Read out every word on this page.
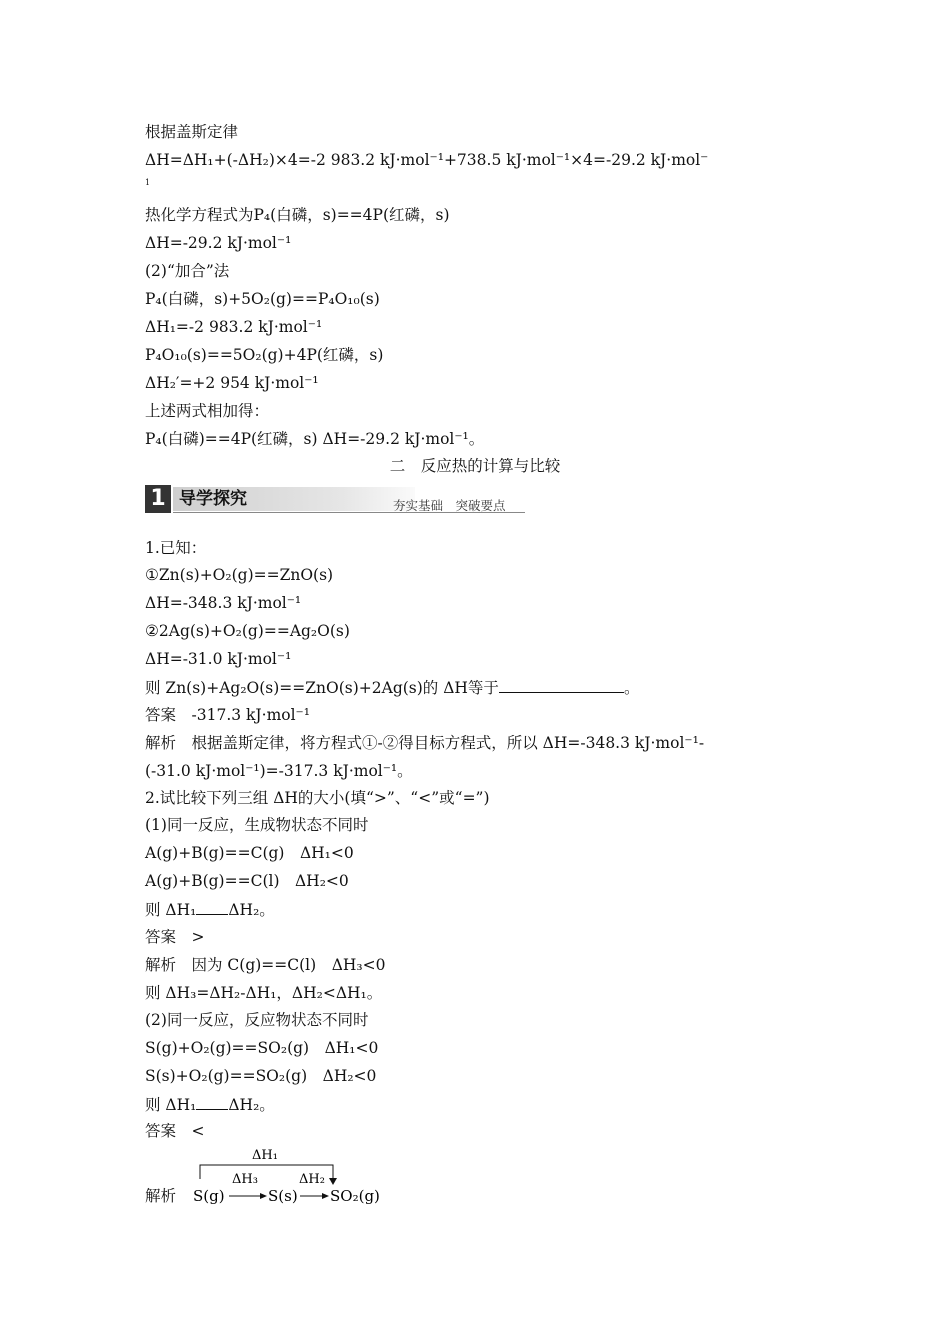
根据盖斯定律
ΔH=ΔH₁+(-ΔH₂)×4=-2 983.2 kJ·mol⁻¹+738.5 kJ·mol⁻¹×4=-29.2 kJ·mol⁻
1
热化学方程式为P₄(白磷，s)==4P(红磷，s)
ΔH=-29.2 kJ·mol⁻¹
(2)“加合”法
P₄(白磷，s)+5O₂(g)==P₄O₁₀(s)
ΔH₁=-2 983.2 kJ·mol⁻¹
P₄O₁₀(s)==5O₂(g)+4P(红磷，s)
ΔH₂′=+2 954 kJ·mol⁻¹
上述两式相加得：
P₄(白磷)==4P(红磷，s) ΔH=-29.2 kJ·mol⁻¹。
二　反应热的计算与比较
1 导学探究	夯实基础　突破要点
1.已知：
①Zn(s)+O₂(g)==ZnO(s)
ΔH=-348.3 kJ·mol⁻¹
②2Ag(s)+O₂(g)==Ag₂O(s)
ΔH=-31.0 kJ·mol⁻¹
则 Zn(s)+Ag₂O(s)==ZnO(s)+2Ag(s)的 ΔH等于	。
答案　-317.3 kJ·mol⁻¹
解析　根据盖斯定律，将方程式①-②得目标方程式，所以 ΔH=-348.3 kJ·mol⁻¹-
(-31.0 kJ·mol⁻¹)=-317.3 kJ·mol⁻¹。
2.试比较下列三组 ΔH的大小(填“>”、“<”或“=”)
(1)同一反应，生成物状态不同时
A(g)+B(g)==C(g)　ΔH₁<0
A(g)+B(g)==C(l)　ΔH₂<0
则 ΔH₁ ΔH₂。
答案　>
解析　因为 C(g)==C(l)　ΔH₃<0
则 ΔH₃=ΔH₂-ΔH₁，ΔH₂<ΔH₁。
(2)同一反应，反应物状态不同时
S(g)+O₂(g)==SO₂(g)　ΔH₁<0
S(s)+O₂(g)==SO₂(g)　ΔH₂<0
则 ΔH₁ ΔH₂。
答案　<
解析
ΔH₁
ΔH₃	ΔH₂
S(g)	S(s) SO₂(g)
